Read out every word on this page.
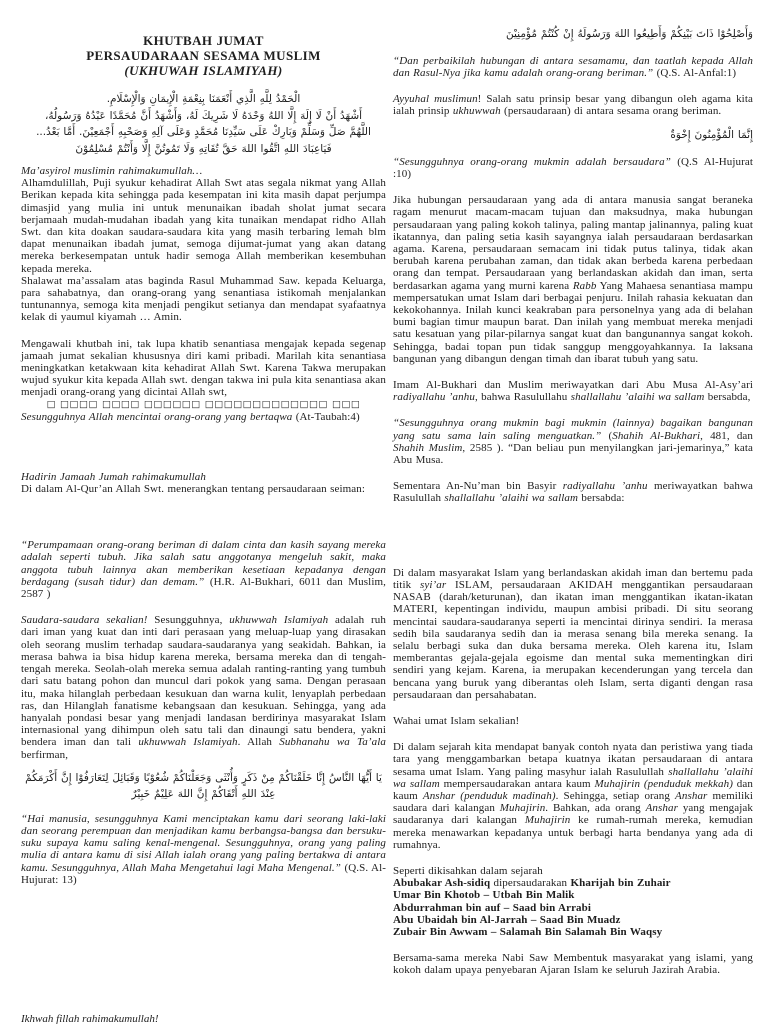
KHUTBAH JUMAT
PERSAUDARAAN SESAMA MUSLIM
(UKHUWAH ISLAMIYAH)
الْحَمْدُ لِلَّهِ الَّذِي أَنْعَمَنَا بِنِعْمَةِ الْإِيمَانِ وَالْإِسْلَامِ.
أَشْهَدُ أَنْ لَا إِلَهَ إِلَّا اللهُ وَحْدَهُ لَا شَرِيكَ لَهُ، وَأَشْهَدُ أَنَّ مُحَمَّدًا عَبْدُهُ وَرَسُولُهُ،
اللَّهُمَّ صَلِّ وَسَلِّمْ وَبَارِكْ عَلَى سَيِّدِنَا مُحَمَّدٍ وَعَلَى آلِهِ وَصَحْبِهِ أَجْمَعِيْنَ. أَمَّا بَعْدُ...
فَيَاعِبَادَ اللهِ اتَّقُوا اللهَ حَقَّ تُقَاتِهِ وَلَا تَمُوتُنَّ إِلَّا وَأَنْتُمْ مُسْلِمُوْنَ
Ma’asyirol muslimin rahimakumullah…
Alhamdulillah, Puji syukur kehadirat Allah Swt atas segala nikmat yang Allah Berikan kepada kita sehingga pada kesempatan ini kita masih dapat perjumpa dimasjid yang mulia ini untuk menunaikan ibadah sholat jumat secara berjamaah mudah-mudahan ibadah yang kita tunaikan mendapat ridho Allah Swt. dan kita doakan saudara-saudara kita yang masih terbaring lemah blm dapat menunaikan ibadah jumat, semoga dijumat-jumat yang akan datang mereka berkesempatan untuk hadir semoga Allah memberikan kesembuhan kepada mereka.
Shalawat ma’assalam atas baginda Rasul Muhammad Saw. kepada Keluarga, para sahabatnya, dan orang-orang yang senantiasa istikomah menjalankan tuntunannya, semoga kita menjadi pengikut setianya dan mendapat syafaatnya kelak di yaumul kiyamah … Amin.
Mengawali khutbah ini, tak lupa khatib senantiasa mengajak kepada segenap jamaah jumat sekalian khususnya diri kami pribadi. Marilah kita senantiasa meningkatkan ketakwaan kita kehadirat Allah Swt. Karena Takwa merupakan wujud syukur kita kepada Allah swt. dengan takwa ini pula kita senantiasa akan menjadi orang-orang yang dicintai Allah swt,
□ □□□□ □□□□ □□□□□□ □□□□□□□□□□□□□ □□□
Sesungguhnya Allah mencintai orang-orang yang bertaqwa (At-Taubah:4)
Hadirin Jamaah Jumah rahimakumullah
Di dalam Al-Qur’an Allah Swt. menerangkan tentang persaudaraan seiman:
“Perumpamaan orang-orang beriman di dalam cinta dan kasih sayang mereka adalah seperti tubuh. Jika salah satu anggotanya mengeluh sakit, maka anggota tubuh lainnya akan memberikan kesetiaan kepadanya dengan berdagang (susah tidur) dan demam.” (H.R. Al-Bukhari, 6011 dan Muslim, 2587 )
Saudara-saudara sekalian! Sesungguhnya, ukhuwwah Islamiyah adalah ruh dari iman yang kuat dan inti dari perasaan yang meluap-luap yang dirasakan oleh seorang muslim terhadap saudara-saudaranya yang seakidah. Bahkan, ia merasa bahwa ia bisa hidup karena mereka, bersama mereka dan di tengah-tengah mereka. Seolah-olah mereka semua adalah ranting-ranting yang tumbuh dari satu batang pohon dan muncul dari pokok yang sama. Dengan perasaan itu, maka hilanglah perbedaan kesukuan dan warna kulit, lenyaplah perbedaan ras, dan Hilanglah fanatisme kebangsaan dan kesukuan. Sehingga, yang ada hanyalah pondasi besar yang menjadi landasan berdirinya masyarakat Islam internasional yang dihimpun oleh satu tali dan dinaungi satu bendera, yakni bendera iman dan tali ukhuwwah Islamiyah. Allah Subhanahu wa Ta’ala berfirman,
يَا أَيُّهَا النَّاسُ إِنَّا خَلَقْنَاكُمْ مِنْ ذَكَرٍ وَأُنْثَى وَجَعَلْنَاكُمْ شُعُوْبًا وَقَبَائِلَ لِتَعَارَفُوْا إِنَّ أَكْرَمَكُمْ عِنْدَ اللهِ أَتْقَاكُمْ إِنَّ اللهَ عَلِيْمٌ خَبِيْرٌ
“Hai manusia, sesungguhnya Kami menciptakan kamu dari seorang laki-laki dan seorang perempuan dan menjadikan kamu berbangsa-bangsa dan bersuku-suku supaya kamu saling kenal-mengenal. Sesungguhnya, orang yang paling mulia di antara kamu di sisi Allah ialah orang yang paling bertakwa di antara kamu. Sesungguhnya, Allah Maha Mengetahui lagi Maha Mengenal.” (Q.S. Al-Hujurat: 13)
وَأَصْلِحُوْا ذَاتَ بَيْنِكُمْ وَأَطِيعُوا اللهَ وَرَسُولَهُ إِنْ كُنْتُمْ مُؤْمِنِيْنَ
“Dan perbaikilah hubungan di antara sesamamu, dan taatlah kepada Allah dan Rasul-Nya jika kamu adalah orang-orang beriman.” (Q.S. Al-Anfal:1)
Ayyuhal muslimun! Salah satu prinsip besar yang dibangun oleh agama kita ialah prinsip ukhuwwah (persaudaraan) di antara sesama orang beriman.
إِنَّمَا الْمُؤْمِنُونَ إِخْوَةٌ
“Sesungguhnya orang-orang mukmin adalah bersaudara” (Q.S Al-Hujurat :10)
Jika hubungan persaudaraan yang ada di antara manusia sangat beraneka ragam menurut macam-macam tujuan dan maksudnya, maka hubungan persaudaraan yang paling kokoh talinya, paling mantap jalinannya, paling kuat ikatannya, dan paling setia kasih sayangnya ialah persaudaraan berdasarkan agama. Karena, persaudaraan semacam ini tidak putus talinya, tidak akan berubah karena perubahan zaman, dan tidak akan berbeda karena perbedaan orang dan tempat. Persaudaraan yang berlandaskan akidah dan iman, serta berdasarkan agama yang murni karena Rabb Yang Mahaesa senantiasa mampu mempersatukan umat Islam dari berbagai penjuru. Inilah rahasia kekuatan dan kekokohannya. Inilah kunci keakraban para personelnya yang ada di belahan bumi bagian timur maupun barat. Dan inilah yang membuat mereka menjadi satu kesatuan yang pilar-pilarnya sangat kuat dan bangunannya sangat kokoh. Sehingga, badai topan pun tidak sanggup menggoyahkannya. Ia laksana bangunan yang dibangun dengan timah dan ibarat tubuh yang satu.
Imam Al-Bukhari dan Muslim meriwayatkan dari Abu Musa Al-Asy’ari radiyallahu ’anhu, bahwa Rasulullahu shallallahu ’alaihi wa sallam bersabda,
“Sesungguhnya orang mukmin bagi mukmin (lainnya) bagaikan bangunan yang satu sama lain saling menguatkan.” (Shahih Al-Bukhari, 481, dan Shahih Muslim, 2585 ). “Dan beliau pun menyilangkan jari-jemarinya,” kata Abu Musa.
Sementara An-Nu’man bin Basyir radiyallahu ’anhu meriwayatkan bahwa Rasulullah shallallahu ’alaihi wa sallam bersabda:
Di dalam masyarakat Islam yang berlandaskan akidah iman dan bertemu pada titik syi’ar ISLAM, persaudaraan AKIDAH menggantikan persaudaraan NASAB (darah/keturunan), dan ikatan iman menggantikan ikatan-ikatan MATERI, kepentingan individu, maupun ambisi pribadi. Di situ seorang mencintai saudara-saudaranya seperti ia mencintai dirinya sendiri. Ia merasa sedih bila saudaranya sedih dan ia merasa senang bila mereka senang. Ia selalu berbagi suka dan duka bersama mereka. Oleh karena itu, Islam memberantas gejala-gejala egoisme dan mental suka mementingkan diri sendiri yang kejam. Karena, ia merupakan kecenderungan yang tercela dan bencana yang buruk yang diberantas oleh Islam, serta diganti dengan rasa persaudaraan dan persahabatan.
Wahai umat Islam sekalian!
Di dalam sejarah kita mendapat banyak contoh nyata dan peristiwa yang tiada tara yang menggambarkan betapa kuatnya ikatan persaudaraan di antara sesama umat Islam. Yang paling masyhur ialah Rasulullah shallallahu ’alaihi wa sallam mempersaudarakan antara kaum Muhajirin (penduduk mekkah) dan kaum Anshar (penduduk madinah). Sehingga, setiap orang Anshar memiliki saudara dari kalangan Muhajirin. Bahkan, ada orang Anshar yang mengajak saudaranya dari kalangan Muhajirin ke rumah-rumah mereka, kemudian mereka menawarkan kepadanya untuk berbagi harta bendanya yang ada di rumahnya.
Seperti dikisahkan dalam sejarah
Abubakar Ash-sidiq dipersaudarakan Kharijah bin Zuhair
Umar Bin Khotob – Utbah Bin Malik
Abdurrahman bin auf – Saad bin Arrabi
Abu Ubaidah bin Al-Jarrah – Saad Bin Muadz
Zubair Bin Awwam – Salamah Bin Salamah Bin Waqsy
Bersama-sama mereka Nabi Saw Membentuk masyarakat yang islami, yang kokoh dalam upaya penyebaran Ajaran Islam ke seluruh Jazirah Arabia.
Ikhwah fillah rahimakumullah!
